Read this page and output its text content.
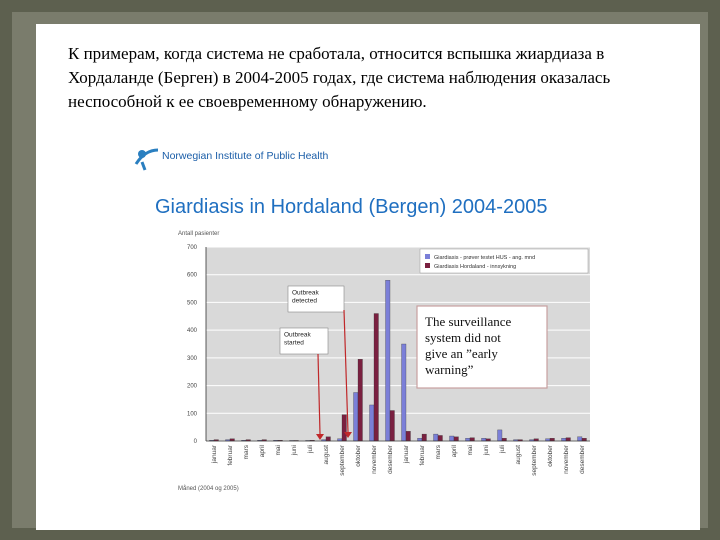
К примерам, когда система не сработала, относится вспышка жиардиаза в
Хордаланде (Берген) в 2004-2005 годах, где система наблюдения оказалась
неспособной к ее своевременному обнаружению.
Norwegian Institute of Public Health
Giardiasis in Hordaland (Bergen) 2004-2005
Antall pasienter
Måned (2004 og 2005)
0
100
200
300
400
500
600
700
januar februar mars april mai juni juli august september oktober november desember januar februar mars april mai juni juli august september oktober november desember
Giardiasis - prøver testet HUS - ang. mnd
Giardiasis Hordaland - innsykning
Outbreak detected
Outbreak started
The surveillance system did not give an ”early warning”
